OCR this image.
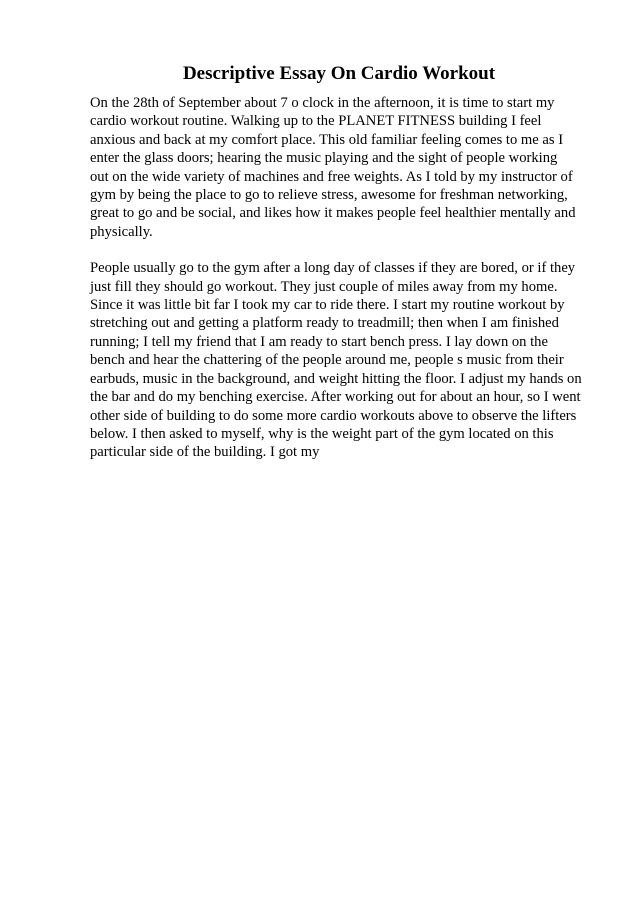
Descriptive Essay On Cardio Workout

On the 28th of September about 7 o clock in the afternoon, it is time to start my
cardio workout routine. Walking up to the PLANET FITNESS building I feel
anxious and back at my comfort place. This old familiar feeling comes to me as I
enter the glass doors; hearing the music playing and the sight of people working
out on the wide variety of machines and free weights. As I told by my instructor of
gym by being the place to go to relieve stress, awesome for freshman networking,
great to go and be social, and likes how it makes people feel healthier mentally and
physically.

People usually go to the gym after a long day of classes if they are bored, or if they
just fill they should go workout. They just couple of miles away from my home.
Since it was little bit far I took my car to ride there. I start my routine workout by
stretching out and getting a platform ready to treadmill; then when I am finished
running; I tell my friend that I am ready to start bench press. I lay down on the
bench and hear the chattering of the people around me, people s music from their
earbuds, music in the background, and weight hitting the floor. I adjust my hands on
the bar and do my benching exercise. After working out for about an hour, so I went
other side of building to do some more cardio workouts above to observe the lifters
below. I then asked to myself, why is the weight part of the gym located on this
particular side of the building. I got my
